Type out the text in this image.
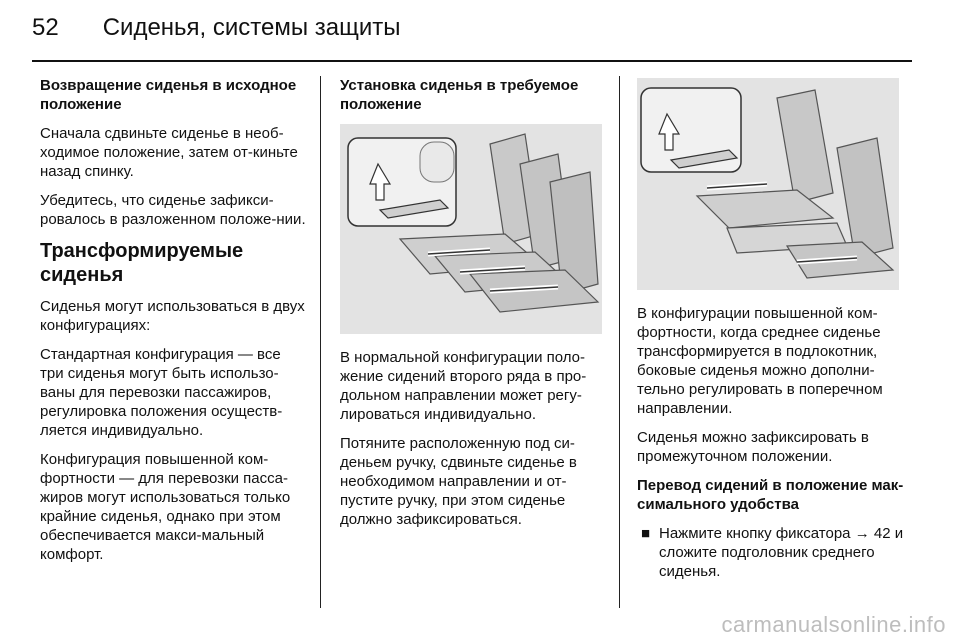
52 Сиденья, системы защиты

Возвращение сиденья в исходное положение

Сначала сдвиньте сиденье в необ-ходимое положение, затем от-киньте назад спинку.

Убедитесь, что сиденье зафикси-ровалось в разложенном положе-нии.

Трансформируемые сиденья

Сиденья могут использоваться в двух конфигурациях:

Стандартная конфигурация — все три сиденья могут быть использо-ваны для перевозки пассажиров, регулировка положения осуществ-ляется индивидуально.

Конфигурация повышенной ком-фортности — для перевозки пасса-жиров могут использоваться только крайние сиденья, однако при этом обеспечивается макси-мальный комфорт.

Установка сиденья в требуемое положение

В нормальной конфигурации поло-жение сидений второго ряда в про-дольном направлении может регу-лироваться индивидуально.

Потяните расположенную под си-деньем ручку, сдвиньте сиденье в необходимом направлении и от-пустите ручку, при этом сиденье должно зафиксироваться.

В конфигурации повышенной ком-фортности, когда среднее сиденье трансформируется в подлокотник, боковые сиденья можно дополни-тельно регулировать в поперечном направлении.

Сиденья можно зафиксировать в промежуточном положении.

Перевод сидений в положение мак-симального удобства

■ Нажмите кнопку фиксатора → 42 и сложите подголовник среднего сиденья.
carmanualsonline.info
